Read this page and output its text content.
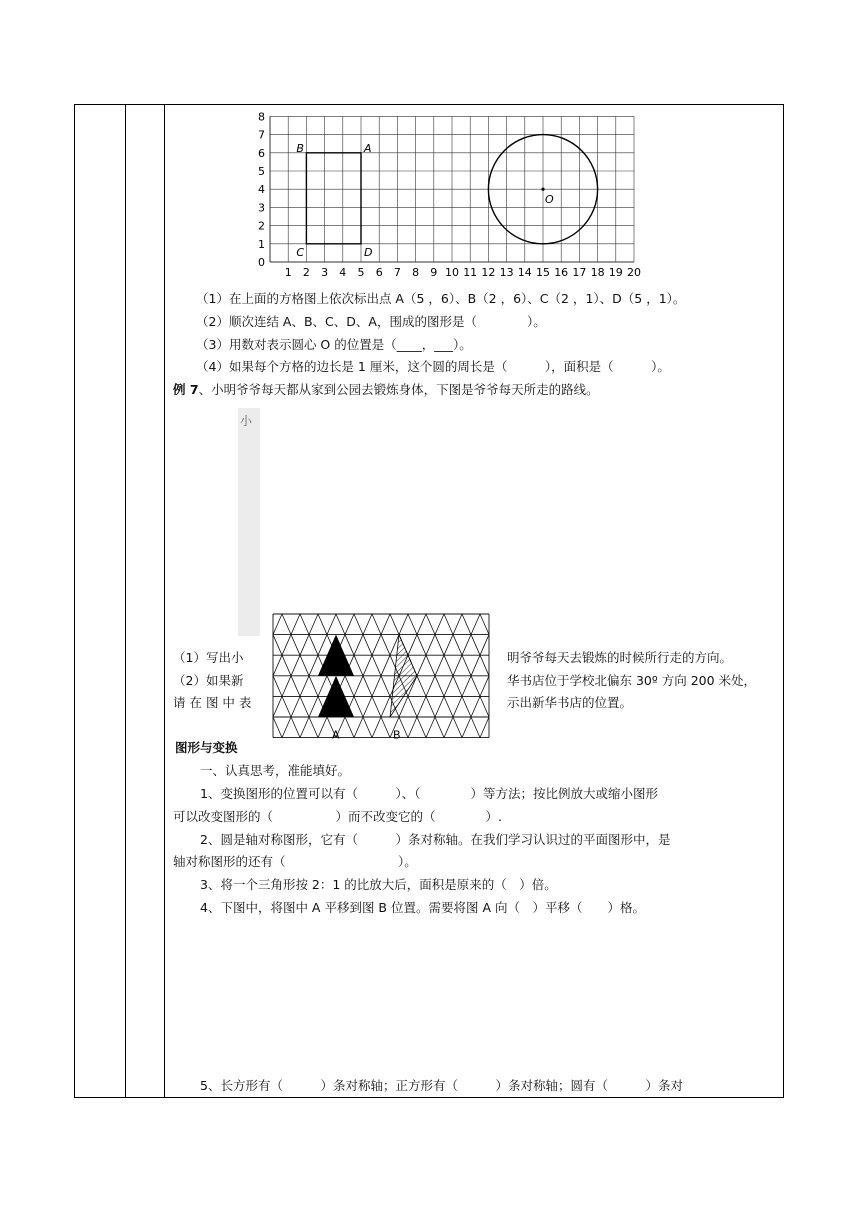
0
1
2
3
4
5
6
7
8
1 2 3 4 5 6 7 8 9 10 11 12 13 14 15 16 17 18 19 20
B	A
C	D
O
（1）在上面的方格图上依次标出点 A（5 ，6）、B（2 ，6）、C（2 ，1）、D（5 ，1）。
（2）顺次连结 A、B、C、D、A，围成的图形是（　　　　）。
（3）用数对表示圆心 O 的位置是（____，___）。
（4）如果每个方格的边长是 1 厘米，这个圆的周长是（　　　），面积是（　　　）。
例 7、小明爷爷每天都从家到公园去锻炼身体，下图是爷爷每天所走的路线。
小
A	B
（1）写出小	明爷爷每天去锻炼的时候所行走的方向。
（2）如果新	华书店位于学校北偏东 30º 方向 200 米处，
请 在 图 中 表	示出新华书店的位置。
图形与变换
一、认真思考，准能填好。
1、变换图形的位置可以有（　　　）、（　　　　）等方法；按比例放大或缩小图形
可以改变图形的（　　　　　）而不改变它的（　　　　）.
2、圆是轴对称图形，它有（　　　）条对称轴。在我们学习认识过的平面图形中，是
轴对称图形的还有（　　　　　　　　　）。
3、将一个三角形按 2：1 的比放大后，面积是原来的（　）倍。
4、下图中，将图中 A 平移到图 B 位置。需要将图 A 向（　）平移（　　）格。
5、长方形有（　　　）条对称轴；正方形有（　　　）条对称轴；圆有（　　　）条对
